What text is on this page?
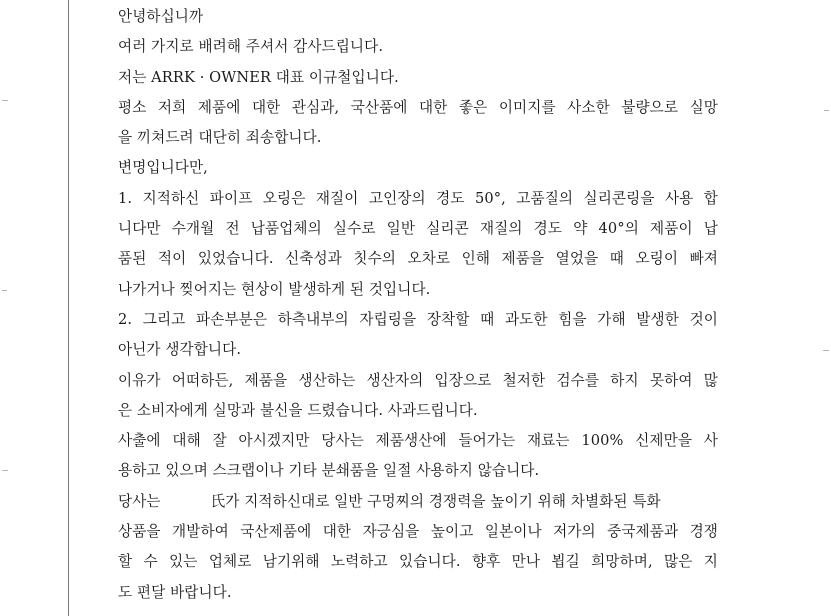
안녕하십니까
여러 가지로 배려해 주셔서 감사드립니다.
저는 ARRK · OWNER 대표 이규철입니다.
평소 저희 제품에 대한 관심과, 국산품에 대한 좋은 이미지를 사소한 불량으로 실망
을 끼쳐드려 대단히 죄송합니다.
변명입니다만,
1. 지적하신 파이프 오링은 재질이 고인장의 경도 50°, 고품질의 실리콘링을 사용 합
니다만 수개월 전 납품업체의 실수로 일반 실리콘 재질의 경도 약 40°의 제품이 납
품된 적이 있었습니다. 신축성과 칫수의 오차로 인해 제품을 열었을 때 오링이 빠져
나가거나 찢어지는 현상이 발생하게 된 것입니다.
2. 그리고 파손부분은 하측내부의 자립링을 장착할 때 과도한 힘을 가해 발생한 것이
아닌가 생각합니다.
이유가 어떠하든, 제품을 생산하는 생산자의 입장으로 철저한 검수를 하지 못하여 많
은 소비자에게 실망과 불신을 드렸습니다. 사과드립니다.
사출에 대해 잘 아시겠지만 당사는 제품생산에 들어가는 재료는 100% 신제만을 사
용하고 있으며 스크랩이나 기타 분쇄품을 일절 사용하지 않습니다.
당사는	氏가 지적하신대로 일반 구멍찌의 경쟁력을 높이기 위해 차별화된 특화
상품을 개발하여 국산제품에 대한 자긍심을 높이고 일본이나 저가의 중국제품과 경쟁
할 수 있는 업체로 남기위해 노력하고 있습니다. 향후 만나 뵙길 희망하며, 많은 지
도 편달 바랍니다.
